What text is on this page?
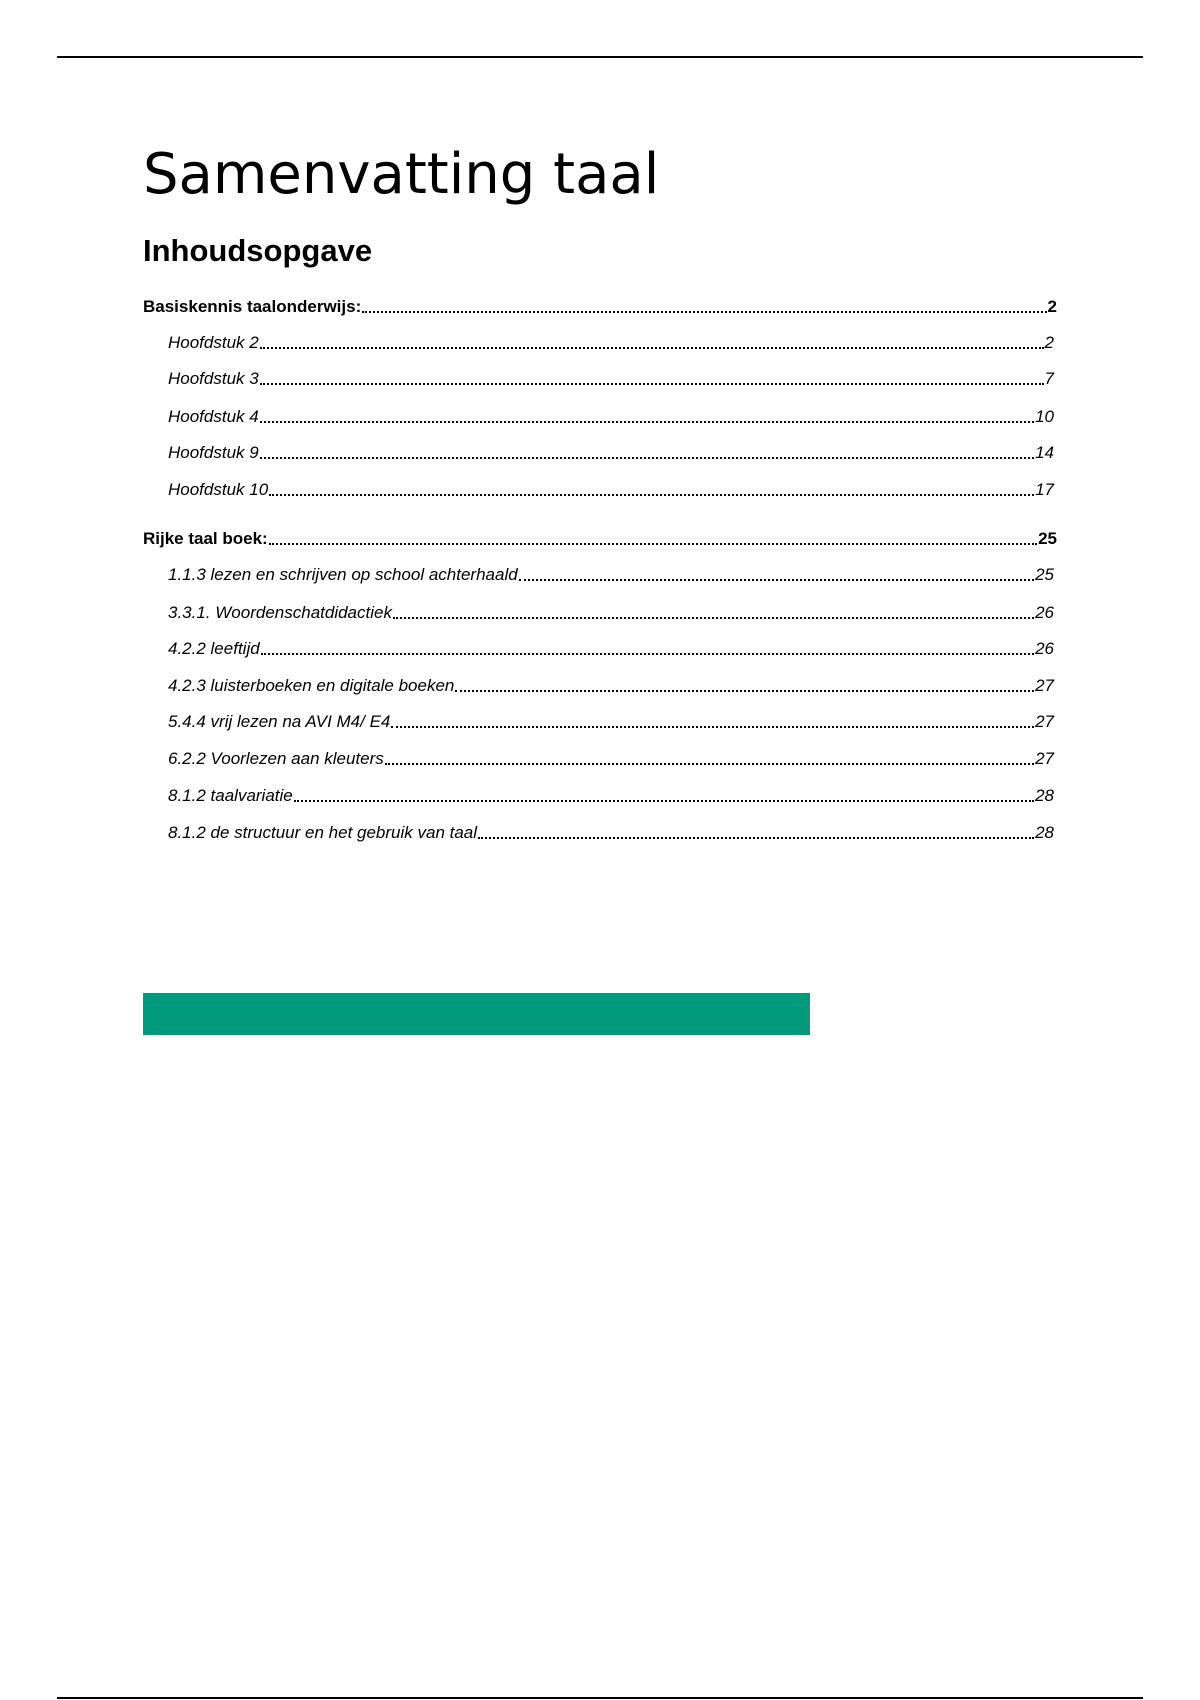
Samenvatting taal
Inhoudsopgave
Basiskennis taalonderwijs:	2
Hoofdstuk 2	2
Hoofdstuk 3	7
Hoofdstuk 4	10
Hoofdstuk 9	14
Hoofdstuk 10	17
Rijke taal boek:	25
1.1.3 lezen en schrijven op school achterhaald	25
3.3.1. Woordenschatdidactiek	26
4.2.2 leeftijd	26
4.2.3 luisterboeken en digitale boeken	27
5.4.4 vrij lezen na AVI M4/ E4	27
6.2.2 Voorlezen aan kleuters	27
8.1.2 taalvariatie	28
8.1.2 de structuur en het gebruik van taal	28
